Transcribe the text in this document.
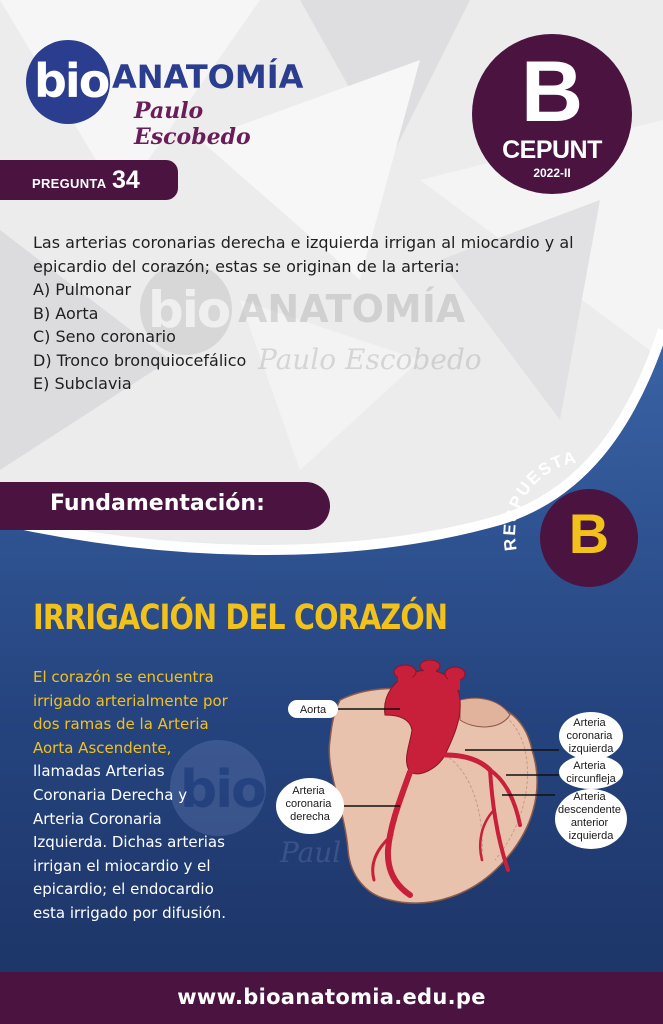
bio ANATOMÍA
Paulo Escobedo	B
CEPUNT
2022-II
PREGUNTA 34
bio ANATOMÍA
Paulo Escobedo

Las arterias coronarias derecha e izquierda irrigan al miocardio y al

epicardio del corazón; estas se originan de la arteria:

A) Pulmonar

B) Aorta

C) Seno coronario

D) Tronco bronquiocefálico

E) Subclavia

Fundamentación:
RESPUESTA
B
IRRIGACIÓN DEL CORAZÓN
bio
Paul
El corazón se encuentra
irrigado arterialmente por
dos ramas de la Arteria
Aorta Ascendente,
llamadas Arterias
Coronaria Derecha y
Arteria Coronaria
Izquierda. Dichas arterias
irrigan el miocardio y el
epicardio; el endocardio
esta irrigado por difusión.
Aorta
Arteria coronaria derecha
Arteria coronaria izquierda
Arteria circunfleja
Arteria descendente anterior izquierda
www.bioanatomia.edu.pe
